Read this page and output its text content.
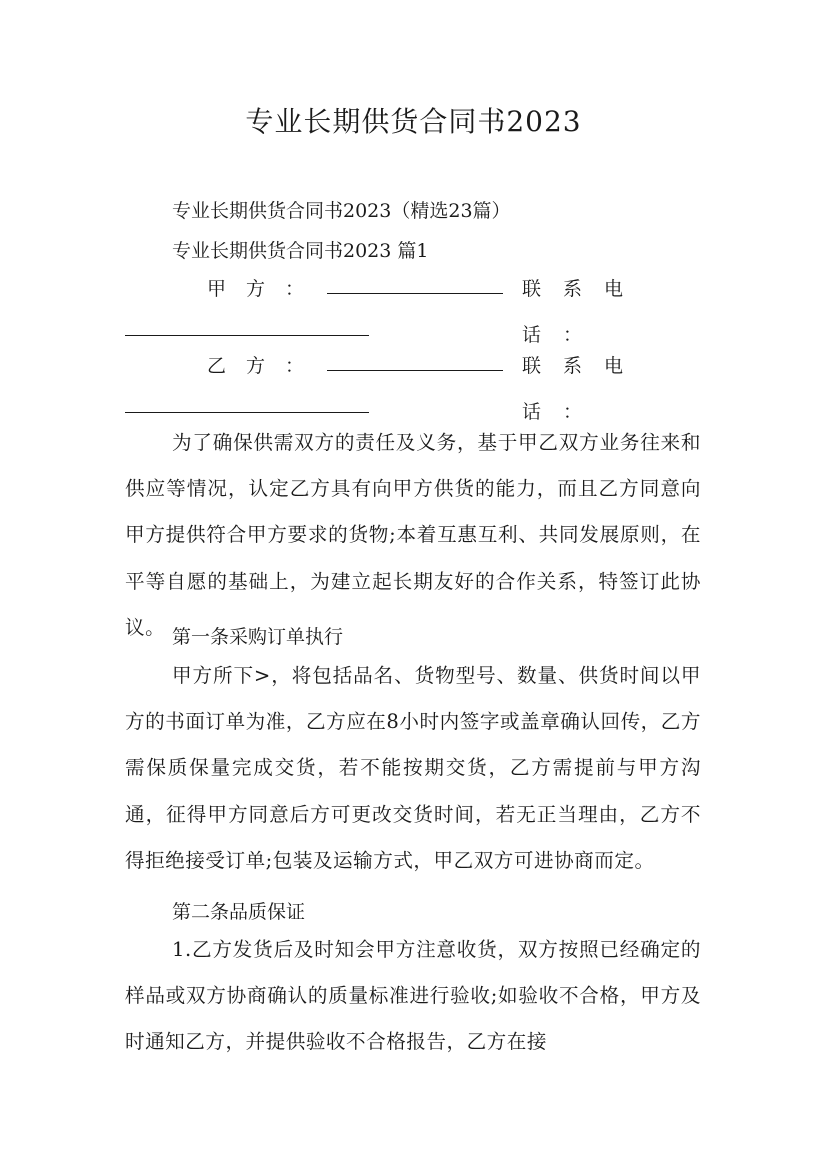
专业长期供货合同书2023
专业长期供货合同书2023（精选23篇）
专业长期供货合同书2023 篇1
甲方：	联系电话：
乙方：	联系电话：
为了确保供需双方的责任及义务，基于甲乙双方业务往来和供应等情况，认定乙方具有向甲方供货的能力，而且乙方同意向甲方提供符合甲方要求的货物;本着互惠互利、共同发展原则，在平等自愿的基础上，为建立起长期友好的合作关系，特签订此协议。 第一条采购订单执行
甲方所下>，将包括品名、货物型号、数量、供货时间以甲方的书面订单为准，乙方应在8小时内签字或盖章确认回传，乙方需保质保量完成交货，若不能按期交货，乙方需提前与甲方沟通，征得甲方同意后方可更改交货时间，若无正当理由，乙方不得拒绝接受订单;包装及运输方式，甲乙双方可进协商而定。
第二条品质保证
1.乙方发货后及时知会甲方注意收货，双方按照已经确定的样品或双方协商确认的质量标准进行验收;如验收不合格，甲方及时通知乙方，并提供验收不合格报告，乙方在接
